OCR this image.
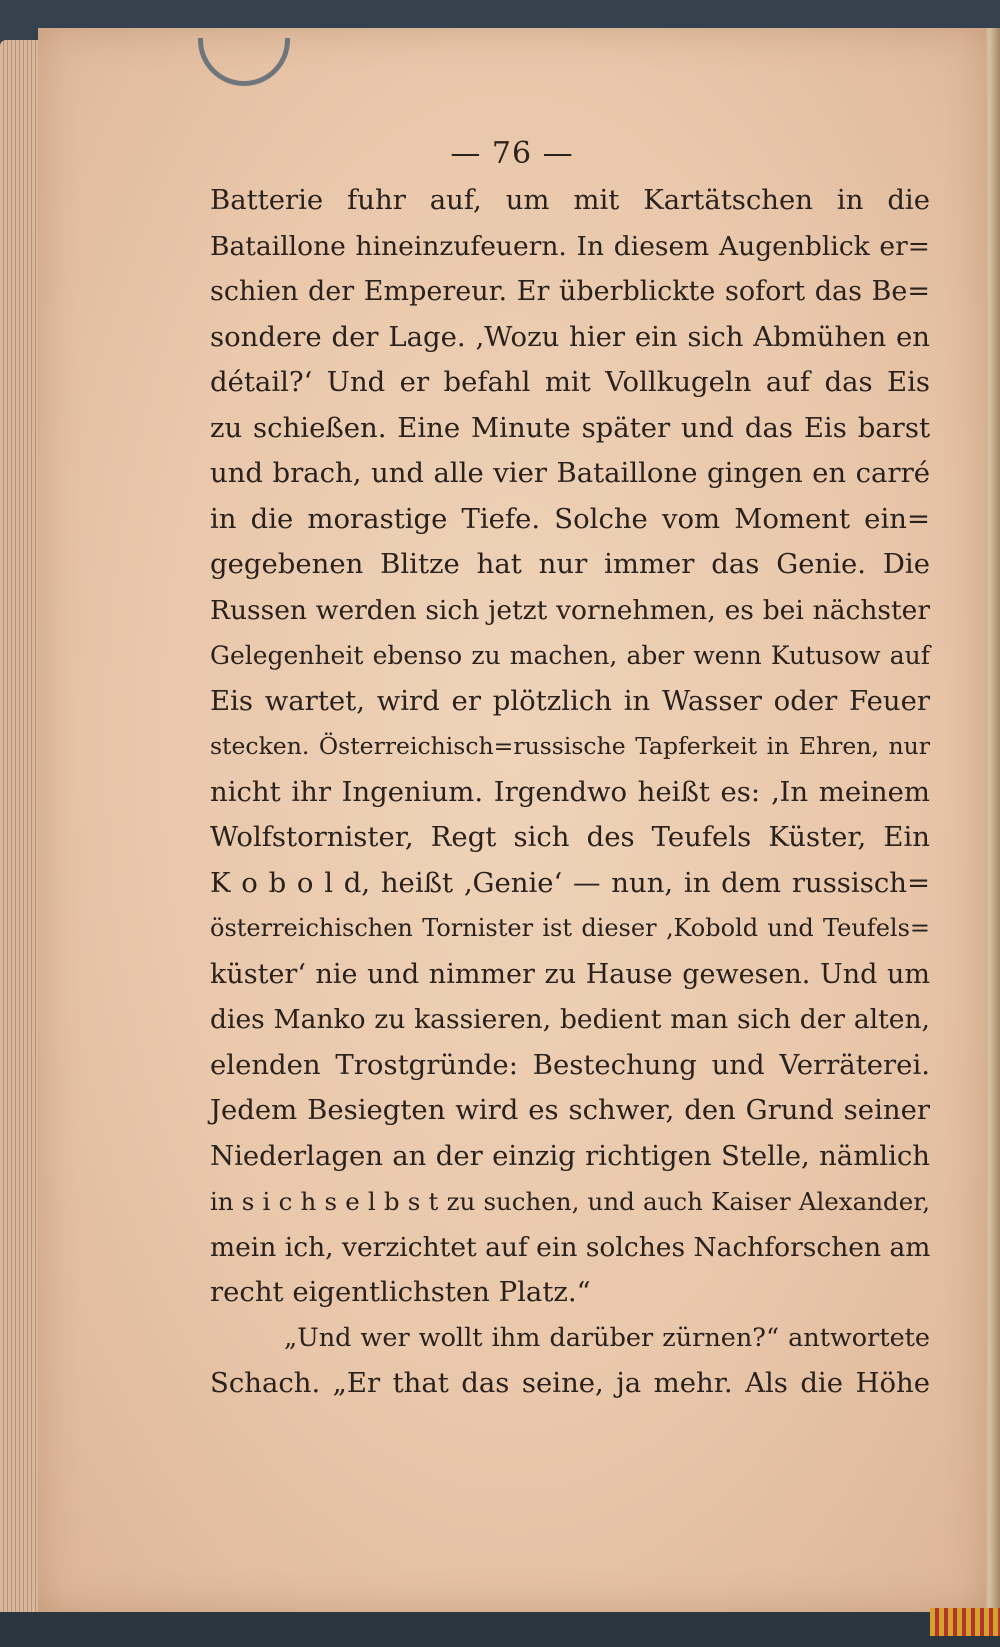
— 76 —
Batterie fuhr auf, um mit Kartätschen in die
Bataillone hineinzufeuern. In diesem Augenblick er=
schien der Empereur. Er überblickte sofort das Be=
sondere der Lage. ‚Wozu hier ein sich Abmühen en
détail?‘ Und er befahl mit Vollkugeln auf das Eis
zu schießen. Eine Minute später und das Eis barst
und brach, und alle vier Bataillone gingen en carré
in die morastige Tiefe. Solche vom Moment ein=
gegebenen Blitze hat nur immer das Genie. Die
Russen werden sich jetzt vornehmen, es bei nächster
Gelegenheit ebenso zu machen, aber wenn Kutusow auf
Eis wartet, wird er plötzlich in Wasser oder Feuer
stecken. Österreichisch=russische Tapferkeit in Ehren, nur
nicht ihr Ingenium. Irgendwo heißt es: ‚In meinem
Wolfstornister, Regt sich des Teufels Küster, Ein
K o b o l d, heißt ‚Genie‘ — nun, in dem russisch=
österreichischen Tornister ist dieser ‚Kobold und Teufels=
küster‘ nie und nimmer zu Hause gewesen. Und um
dies Manko zu kassieren, bedient man sich der alten,
elenden Trostgründe: Bestechung und Verräterei.
Jedem Besiegten wird es schwer, den Grund seiner
Niederlagen an der einzig richtigen Stelle, nämlich
in s i c h s e l b s t zu suchen, und auch Kaiser Alexander,
mein ich, verzichtet auf ein solches Nachforschen am
recht eigentlichsten Platz.“
„Und wer wollt ihm darüber zürnen?“ antwortete
Schach. „Er that das seine, ja mehr. Als die Höhe
